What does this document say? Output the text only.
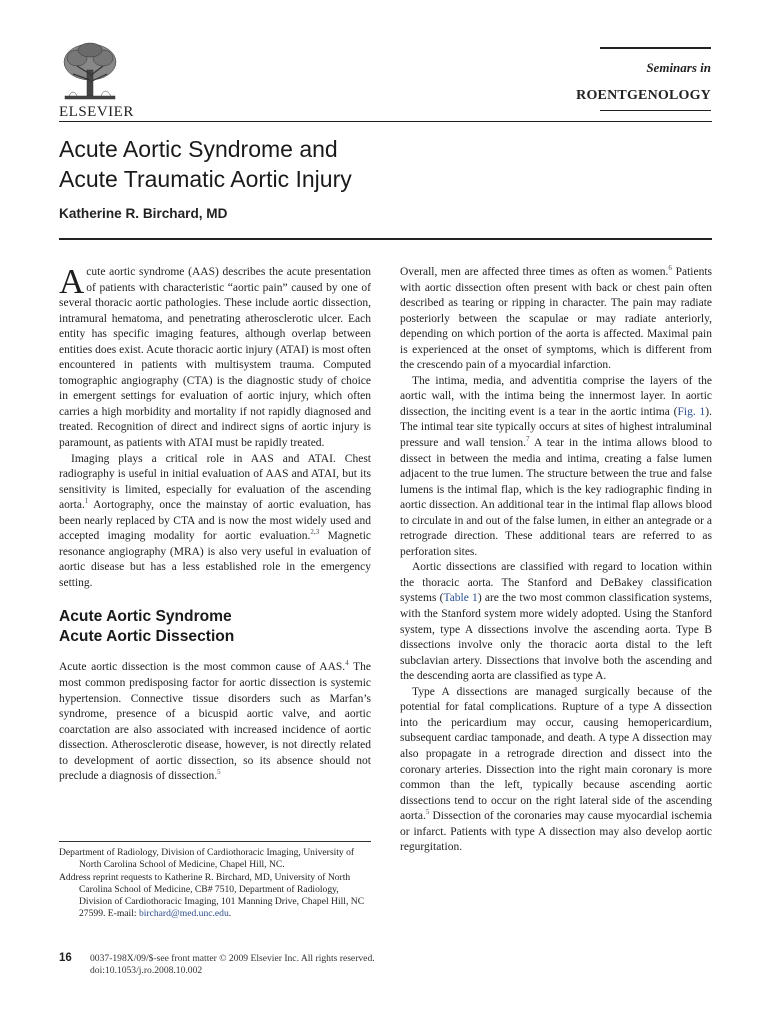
ELSEVIER
Seminars in
ROENTGENOLOGY
Acute Aortic Syndrome and
Acute Traumatic Aortic Injury
Katherine R. Birchard, MD

Acute aortic syndrome (AAS) describes the acute presentation of patients with characteristic “aortic pain” caused by one of several thoracic aortic pathologies. These include aortic dissection, intramural hematoma, and penetrating atherosclerotic ulcer. Each entity has specific imaging features, although overlap between entities does exist. Acute thoracic aortic injury (ATAI) is most often encountered in patients with multisystem trauma. Computed tomographic angiography (CTA) is the diagnostic study of choice in emergent settings for evaluation of aortic injury, which often carries a high morbidity and mortality if not rapidly diagnosed and treated. Recognition of direct and indirect signs of aortic injury is paramount, as patients with ATAI must be rapidly treated.

Imaging plays a critical role in AAS and ATAI. Chest radiography is useful in initial evaluation of AAS and ATAI, but its sensitivity is limited, especially for evaluation of the ascending aorta.$^1$ Aortography, once the mainstay of aortic evaluation, has been nearly replaced by CTA and is now the most widely used and accepted imaging modality for aortic evaluation.$^{2,3}$ Magnetic resonance angiography (MRA) is also very useful in evaluation of aortic disease but has a less established role in the emergency setting.

Acute Aortic Syndrome
Acute Aortic Dissection

Acute aortic dissection is the most common cause of AAS.$^4$ The most common predisposing factor for aortic dissection is systemic hypertension. Connective tissue disorders such as Marfan’s syndrome, presence of a bicuspid aortic valve, and aortic coarctation are also associated with increased incidence of aortic dissection. Atherosclerotic disease, however, is not directly related to development of aortic dissection, so its absence should not preclude a diagnosis of dissection.$^5$

Overall, men are affected three times as often as women.$^6$ Patients with aortic dissection often present with back or chest pain often described as tearing or ripping in character. The pain may radiate posteriorly between the scapulae or may radiate anteriorly, depending on which portion of the aorta is affected. Maximal pain is experienced at the onset of symptoms, which is different from the crescendo pain of a myocardial infarction.

The intima, media, and adventitia comprise the layers of the aortic wall, with the intima being the innermost layer. In aortic dissection, the inciting event is a tear in the aortic intima (Fig. 1). The intimal tear site typically occurs at sites of highest intraluminal pressure and wall tension.$^7$ A tear in the intima allows blood to dissect in between the media and intima, creating a false lumen adjacent to the true lumen. The structure between the true and false lumens is the intimal flap, which is the key radiographic finding in aortic dissection. An additional tear in the intimal flap allows blood to circulate in and out of the false lumen, in either an antegrade or a retrograde direction. These additional tears are referred to as perforation sites.

Aortic dissections are classified with regard to location within the thoracic aorta. The Stanford and DeBakey classification systems (Table 1) are the two most common classification systems, with the Stanford system more widely adopted. Using the Stanford system, type A dissections involve the ascending aorta. Type B dissections involve only the thoracic aorta distal to the left subclavian artery. Dissections that involve both the ascending and the descending aorta are classified as type A.

Type A dissections are managed surgically because of the potential for fatal complications. Rupture of a type A dissection into the pericardium may occur, causing hemopericardium, subsequent cardiac tamponade, and death. A type A dissection may also propagate in a retrograde direction and dissect into the coronary arteries. Dissection into the right main coronary is more common than the left, typically because ascending aortic dissections tend to occur on the right lateral side of the ascending aorta.$^5$ Dissection of the coronaries may cause myocardial ischemia or infarct. Patients with type A dissection may also develop aortic regurgitation.

Department of Radiology, Division of Cardiothoracic Imaging, University of North Carolina School of Medicine, Chapel Hill, NC.
Address reprint requests to Katherine R. Birchard, MD, University of North Carolina School of Medicine, CB# 7510, Department of Radiology, Division of Cardiothoracic Imaging, 101 Manning Drive, Chapel Hill, NC 27599. E-mail: birchard@med.unc.edu.
16 0037-198X/09/$-see front matter © 2009 Elsevier Inc. All rights reserved.
doi:10.1053/j.ro.2008.10.002
